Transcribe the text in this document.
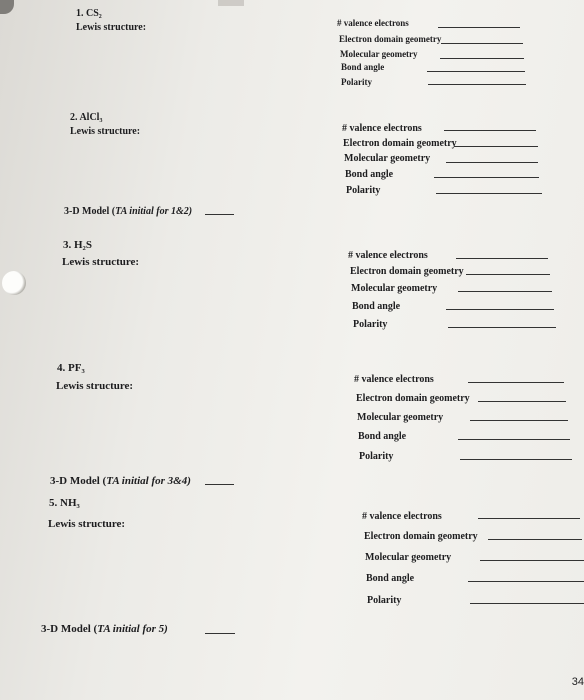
1. CS₂
Lewis structure:	# valence electrons
Electron domain geometry
Molecular geometry
Bond angle
Polarity
2. AlCl₃
Lewis structure:	# valence electrons
Electron domain geometry
Molecular geometry
Bond angle
Polarity
3-D Model (TA initial for 1&2)
3. H₂S
Lewis structure:
# valence electrons
Electron domain geometry
Molecular geometry
Bond angle
Polarity
4. PF₃
Lewis structure:
# valence electrons
Electron domain geometry
Molecular geometry
Bond angle
Polarity
3-D Model (TA initial for 3&4)
5. NH₃
Lewis structure:
# valence electrons
Electron domain geometry
Molecular geometry
Bond angle
Polarity
3-D Model (TA initial for 5)
34
